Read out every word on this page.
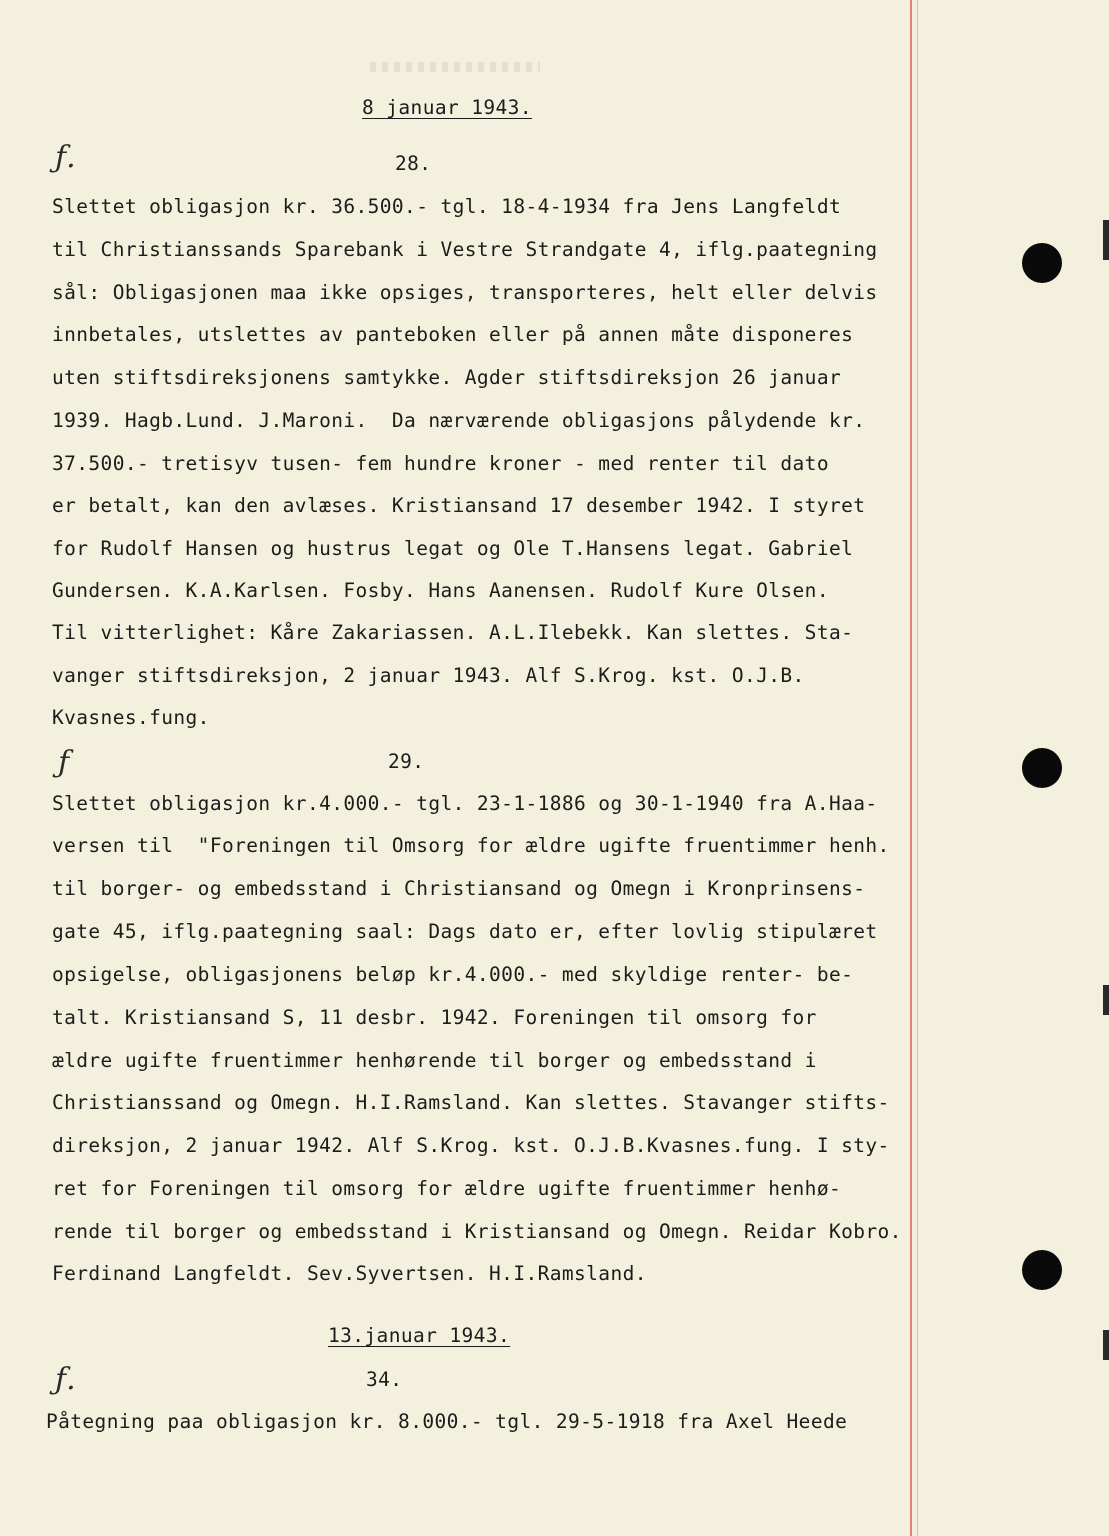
8 januar 1943.
ƒ.	28.
Slettet obligasjon kr. 36.500.- tgl. 18-4-1934 fra Jens Langfeldt
til Christianssands Sparebank i Vestre Strandgate 4, iflg.paategning
sål: Obligasjonen maa ikke opsiges, transporteres, helt eller delvis
innbetales, utslettes av panteboken eller på annen måte disponeres
uten stiftsdireksjonens samtykke. Agder stiftsdireksjon 26 januar
1939. Hagb.Lund. J.Maroni.  Da nærværende obligasjons pålydende kr.
37.500.- tretisyv tusen- fem hundre kroner - med renter til dato
er betalt, kan den avlæses. Kristiansand 17 desember 1942. I styret
for Rudolf Hansen og hustrus legat og Ole T.Hansens legat. Gabriel
Gundersen. K.A.Karlsen. Fosby. Hans Aanensen. Rudolf Kure Olsen.
Til vitterlighet: Kåre Zakariassen. A.L.Ilebekk. Kan slettes. Sta-
vanger stiftsdireksjon, 2 januar 1943. Alf S.Krog. kst. O.J.B.
Kvasnes.fung.
ƒ	29.
Slettet obligasjon kr.4.000.- tgl. 23-1-1886 og 30-1-1940 fra A.Haa-
versen til  "Foreningen til Omsorg for ældre ugifte fruentimmer henh.
til borger- og embedsstand i Christiansand og Omegn i Kronprinsens-
gate 45, iflg.paategning saal: Dags dato er, efter lovlig stipulæret
opsigelse, obligasjonens beløp kr.4.000.- med skyldige renter- be-
talt. Kristiansand S, 11 desbr. 1942. Foreningen til omsorg for
ældre ugifte fruentimmer henhørende til borger og embedsstand i
Christianssand og Omegn. H.I.Ramsland. Kan slettes. Stavanger stifts-
direksjon, 2 januar 1942. Alf S.Krog. kst. O.J.B.Kvasnes.fung. I sty-
ret for Foreningen til omsorg for ældre ugifte fruentimmer henhø-
rende til borger og embedsstand i Kristiansand og Omegn. Reidar Kobro.
Ferdinand Langfeldt. Sev.Syvertsen. H.I.Ramsland.
13.januar 1943.
ƒ.	34.
Påtegning paa obligasjon kr. 8.000.- tgl. 29-5-1918 fra Axel Heede
